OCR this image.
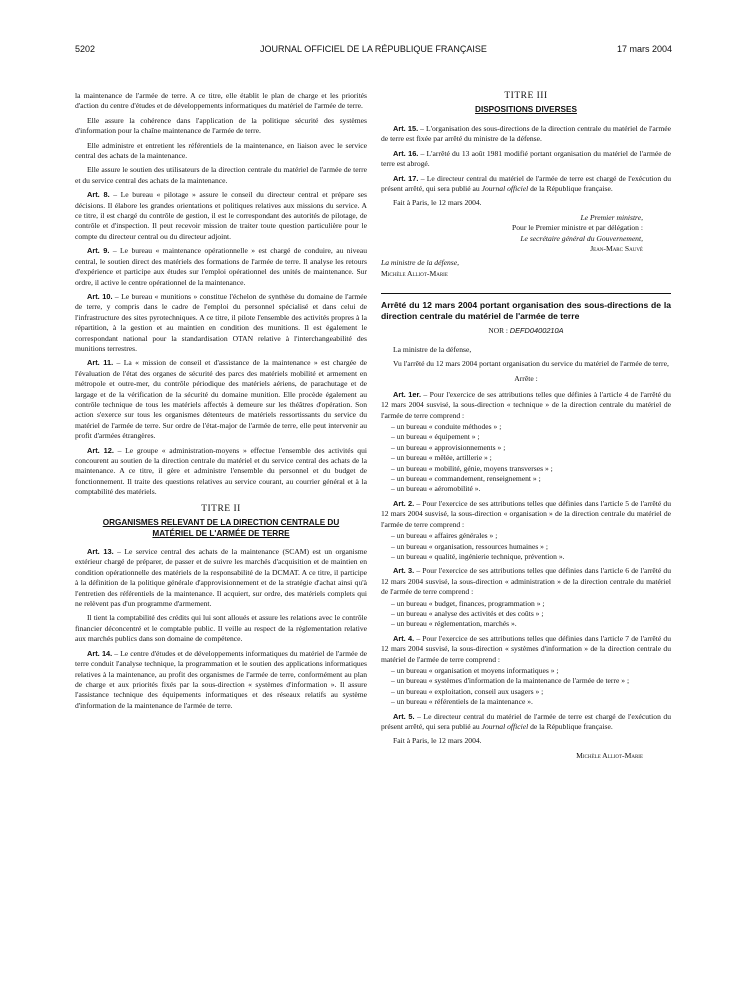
5202	JOURNAL OFFICIEL DE LA RÉPUBLIQUE FRANÇAISE	17 mars 2004

la maintenance de l'armée de terre. A ce titre, elle établit le plan de charge et les priorités d'action du centre d'études et de développements informatiques du matériel de l'armée de terre.

Elle assure la cohérence dans l'application de la politique sécurité des systèmes d'information pour la chaîne maintenance de l'armée de terre.

Elle administre et entretient les référentiels de la maintenance, en liaison avec le service central des achats de la maintenance.

Elle assure le soutien des utilisateurs de la direction centrale du matériel de l'armée de terre et du service central des achats de la maintenance.

Art. 8. – Le bureau « pilotage » assure le conseil du directeur central et prépare ses décisions. Il élabore les grandes orientations et politiques relatives aux missions du service. A ce titre, il est chargé du contrôle de gestion, il est le correspondant des autorités de pilotage, de contrôle et d'inspection. Il peut recevoir mission de traiter toute question particulière pour le compte du directeur central ou du directeur adjoint.

Art. 9. – Le bureau « maintenance opérationnelle » est chargé de conduire, au niveau central, le soutien direct des matériels des formations de l'armée de terre. Il analyse les retours d'expérience et participe aux études sur l'emploi opérationnel des unités de maintenance. Sur ordre, il active le centre opérationnel de la maintenance.

Art. 10. – Le bureau « munitions » constitue l'échelon de synthèse du domaine de l'armée de terre, y compris dans le cadre de l'emploi du personnel spécialisé et dans celui de l'infrastructure des sites pyrotechniques. A ce titre, il pilote l'ensemble des activités propres à la répartition, à la gestion et au maintien en condition des munitions. Il est également le correspondant national pour la standardisation OTAN relative à l'interchangeabilité des munitions terrestres.

Art. 11. – La « mission de conseil et d'assistance de la maintenance » est chargée de l'évaluation de l'état des organes de sécurité des parcs des matériels mobilité et armement en métropole et outre-mer, du contrôle périodique des matériels aériens, de parachutage et de largage et de la vérification de la sécurité du domaine munition. Elle procède également au contrôle technique de tous les matériels affectés à demeure sur les théâtres d'opération. Son action s'exerce sur tous les organismes détenteurs de matériels ressortissants du service du matériel de l'armée de terre. Sur ordre de l'état-major de l'armée de terre, elle peut intervenir au profit d'armées étrangères.

Art. 12. – Le groupe « administration-moyens » effectue l'ensemble des activités qui concourent au soutien de la direction centrale du matériel et du service central des achats de la maintenance. A ce titre, il gère et administre l'ensemble du personnel et du budget de fonctionnement. Il traite des questions relatives au service courant, au courrier général et à la comptabilité des matériels.

TITRE II
ORGANISMES RELEVANT DE LA DIRECTION CENTRALE DU MATÉRIEL DE L'ARMÉE DE TERRE

Art. 13. – Le service central des achats de la maintenance (SCAM) est un organisme extérieur chargé de préparer, de passer et de suivre les marchés d'acquisition et de maintien en condition opérationnelle des matériels de la responsabilité de la DCMAT. A ce titre, il participe à la définition de la politique générale d'approvisionnement et de la stratégie d'achat ainsi qu'à l'entretien des référentiels de la maintenance. Il acquiert, sur ordre, des matériels complets qui ne relèvent pas d'un programme d'armement.

Il tient la comptabilité des crédits qui lui sont alloués et assure les relations avec le contrôle financier déconcentré et le comptable public. Il veille au respect de la réglementation relative aux marchés publics dans son domaine de compétence.

Art. 14. – Le centre d'études et de développements informatiques du matériel de l'armée de terre conduit l'analyse technique, la programmation et le soutien des applications informatiques relatives à la maintenance, au profit des organismes de l'armée de terre, conformément au plan de charge et aux priorités fixés par la sous-direction « systèmes d'information ». Il assure l'assistance technique des équipements informatiques et des réseaux relatifs au système d'information de la maintenance de l'armée de terre.

TITRE III
DISPOSITIONS DIVERSES

Art. 15. – L'organisation des sous-directions de la direction centrale du matériel de l'armée de terre est fixée par arrêté du ministre de la défense.

Art. 16. – L'arrêté du 13 août 1981 modifié portant organisation du matériel de l'armée de terre est abrogé.

Art. 17. – Le directeur central du matériel de l'armée de terre est chargé de l'exécution du présent arrêté, qui sera publié au Journal officiel de la République française.

Fait à Paris, le 12 mars 2004.

Le Premier ministre,
Pour le Premier ministre et par délégation :
Le secrétaire général du Gouvernement,
Jean-Marc Sauvé
La ministre de la défense,
Michèle Alliot-Marie
Arrêté du 12 mars 2004 portant organisation des sous-directions de la direction centrale du matériel de l'armée de terre
NOR : DEFD0400210A

La ministre de la défense,

Vu l'arrêté du 12 mars 2004 portant organisation du service du matériel de l'armée de terre,

Arrête :

Art. 1er. – Pour l'exercice de ses attributions telles que définies à l'article 4 de l'arrêté du 12 mars 2004 susvisé, la sous-direction « technique » de la direction centrale du matériel de l'armée de terre comprend :

– un bureau « conduite méthodes » ;
– un bureau « équipement » ;
– un bureau « approvisionnements » ;
– un bureau « mêlée, artillerie » ;
– un bureau « mobilité, génie, moyens transverses » ;
– un bureau « commandement, renseignement » ;
– un bureau « aéromobilité ».

Art. 2. – Pour l'exercice de ses attributions telles que définies dans l'article 5 de l'arrêté du 12 mars 2004 susvisé, la sous-direction « organisation » de la direction centrale du matériel de l'armée de terre comprend :

– un bureau « affaires générales » ;
– un bureau « organisation, ressources humaines » ;
– un bureau « qualité, ingénierie technique, prévention ».

Art. 3. – Pour l'exercice de ses attributions telles que définies dans l'article 6 de l'arrêté du 12 mars 2004 susvisé, la sous-direction « administration » de la direction centrale du matériel de l'armée de terre comprend :

– un bureau « budget, finances, programmation » ;
– un bureau « analyse des activités et des coûts » ;
– un bureau « réglementation, marchés ».

Art. 4. – Pour l'exercice de ses attributions telles que définies dans l'article 7 de l'arrêté du 12 mars 2004 susvisé, la sous-direction « systèmes d'information » de la direction centrale du matériel de l'armée de terre comprend :

– un bureau « organisation et moyens informatiques » ;
– un bureau « systèmes d'information de la maintenance de l'armée de terre » ;
– un bureau « exploitation, conseil aux usagers » ;
– un bureau « référentiels de la maintenance ».

Art. 5. – Le directeur central du matériel de l'armée de terre est chargé de l'exécution du présent arrêté, qui sera publié au Journal officiel de la République française.

Fait à Paris, le 12 mars 2004.

Michèle Alliot-Marie
